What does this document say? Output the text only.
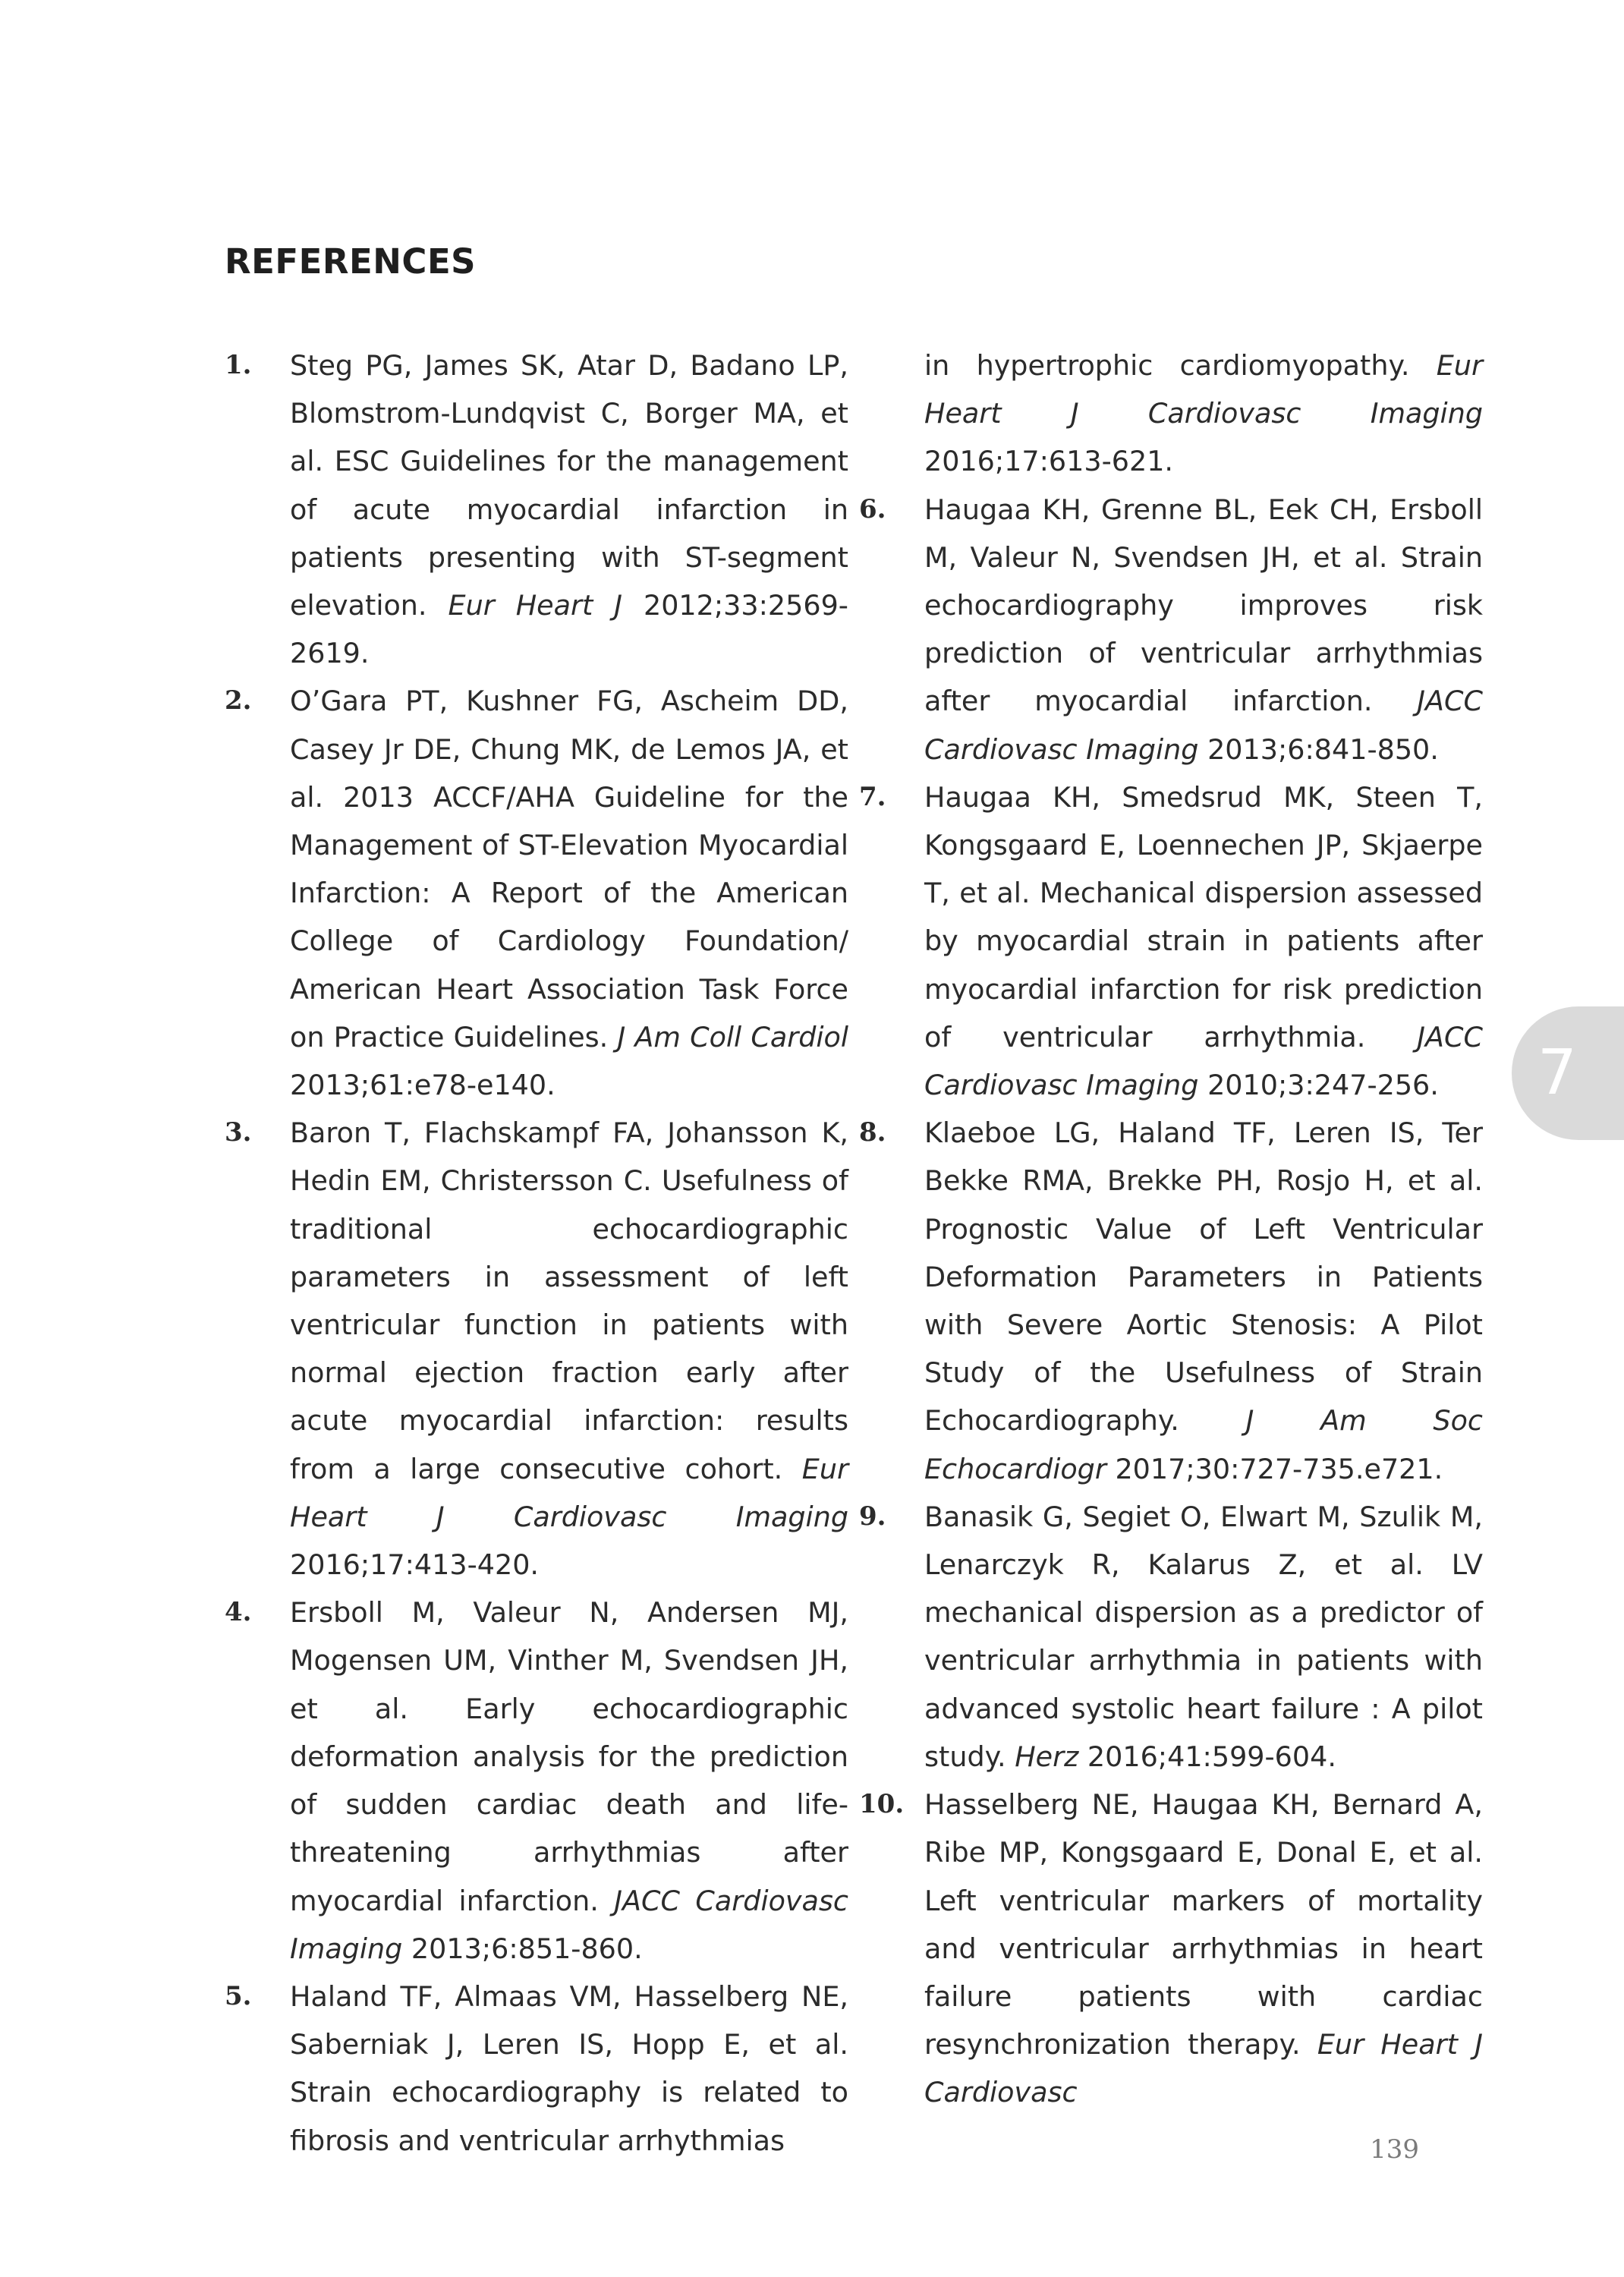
REFERENCES

1. Steg PG, James SK, Atar D, Badano LP, Blomstrom-Lundqvist C, Borger MA, et al. ESC Guidelines for the management of acute myocardial infarction in patients presenting with ST-segment elevation. Eur Heart J 2012;33:2569-2619.

2. O’Gara PT, Kushner FG, Ascheim DD, Casey Jr DE, Chung MK, de Lemos JA, et al. 2013 ACCF/AHA Guideline for the Management of ST-Elevation Myocardial Infarction: A Report of the American College of Cardiology Foundation/ American Heart Association Task Force on Practice Guidelines. J Am Coll Cardiol 2013;61:e78-e140.

3. Baron T, Flachskampf FA, Johansson K, Hedin EM, Christersson C. Usefulness of traditional echocardiographic parameters in assessment of left ventricular function in patients with normal ejection fraction early after acute myocardial infarction: results from a large consecutive cohort. Eur Heart J Cardiovasc Imaging 2016;17:413-420.

4. Ersboll M, Valeur N, Andersen MJ, Mogensen UM, Vinther M, Svendsen JH, et al. Early echocardiographic deformation analysis for the prediction of sudden cardiac death and life-threatening arrhythmias after myocardial infarction. JACC Cardiovasc Imaging 2013;6:851-860.

5. Haland TF, Almaas VM, Hasselberg NE, Saberniak J, Leren IS, Hopp E, et al. Strain echocardiography is related to fibrosis and ventricular arrhythmias

in hypertrophic cardiomyopathy. Eur Heart J Cardiovasc Imaging 2016;17:613-621.

6. Haugaa KH, Grenne BL, Eek CH, Ersboll M, Valeur N, Svendsen JH, et al. Strain echocardiography improves risk prediction of ventricular arrhythmias after myocardial infarction. JACC Cardiovasc Imaging 2013;6:841-850.

7. Haugaa KH, Smedsrud MK, Steen T, Kongsgaard E, Loennechen JP, Skjaerpe T, et al. Mechanical dispersion assessed by myocardial strain in patients after myocardial infarction for risk prediction of ventricular arrhythmia. JACC Cardiovasc Imaging 2010;3:247-256.

8. Klaeboe LG, Haland TF, Leren IS, Ter Bekke RMA, Brekke PH, Rosjo H, et al. Prognostic Value of Left Ventricular Deformation Parameters in Patients with Severe Aortic Stenosis: A Pilot Study of the Usefulness of Strain Echocardiography. J Am Soc Echocardiogr 2017;30:727-735.e721.

9. Banasik G, Segiet O, Elwart M, Szulik M, Lenarczyk R, Kalarus Z, et al. LV mechanical dispersion as a predictor of ventricular arrhythmia in patients with advanced systolic heart failure : A pilot study. Herz 2016;41:599-604.

10. Hasselberg NE, Haugaa KH, Bernard A, Ribe MP, Kongsgaard E, Donal E, et al. Left ventricular markers of mortality and ventricular arrhythmias in heart failure patients with cardiac resynchronization therapy. Eur Heart J Cardiovasc

7
139
